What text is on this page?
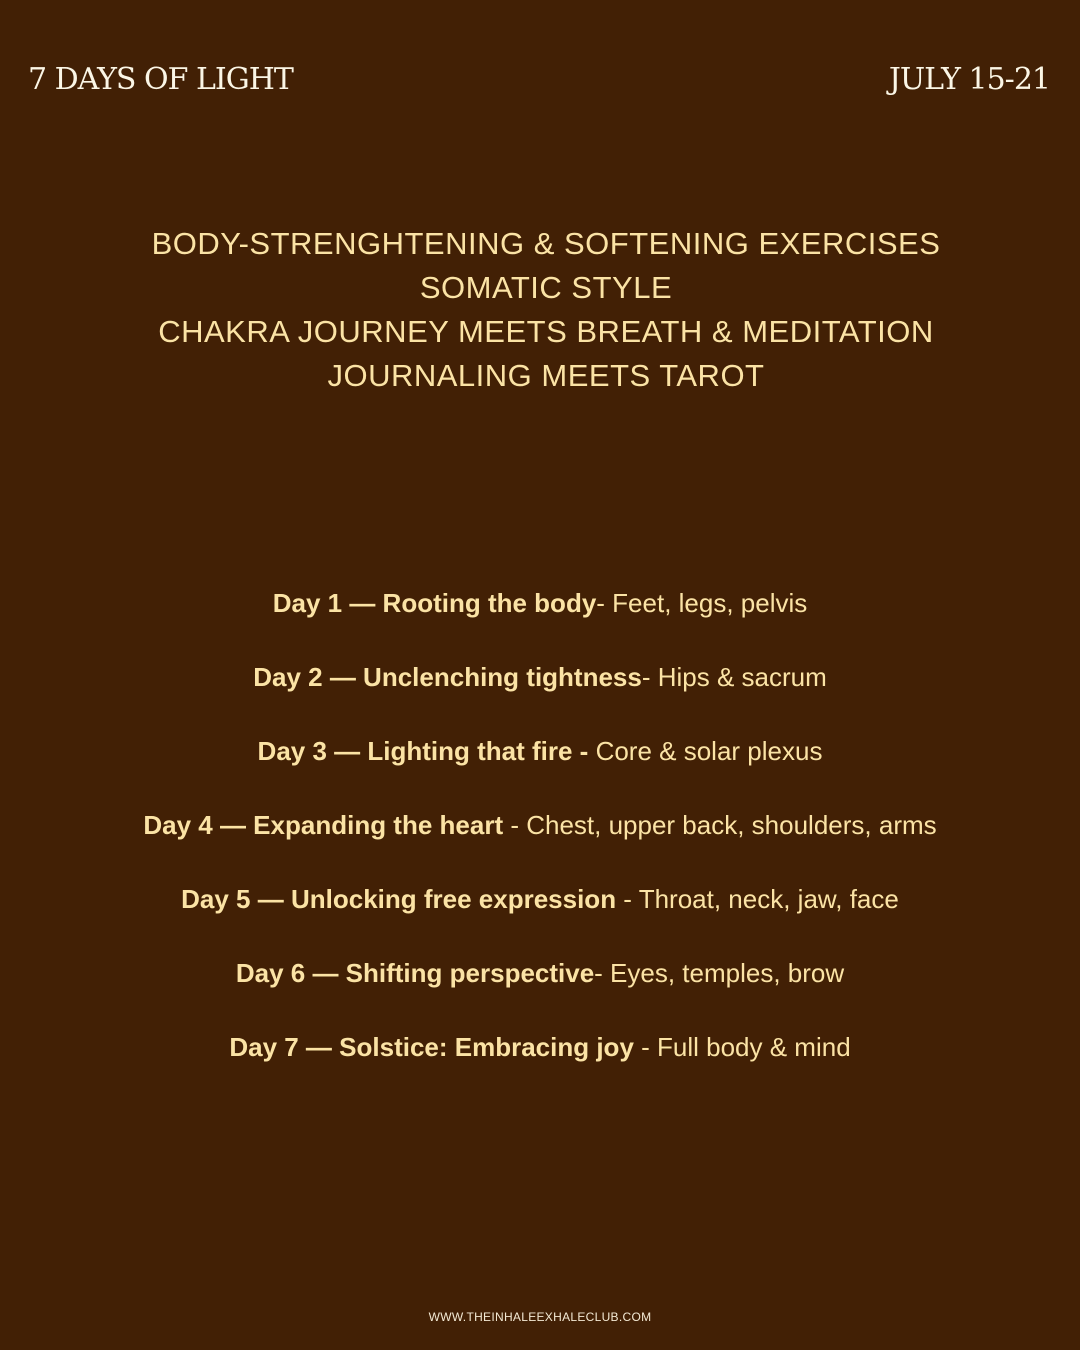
7 DAYS OF LIGHT	JULY 15-21
BODY-STRENGHTENING & SOFTENING EXERCISES
SOMATIC STYLE
CHAKRA JOURNEY MEETS BREATH & MEDITATION
JOURNALING MEETS TAROT
Day 1 — Rooting the body- Feet, legs, pelvis
Day 2 — Unclenching tightness- Hips & sacrum
Day 3 — Lighting that fire - Core & solar plexus
Day 4 — Expanding the heart - Chest, upper back, shoulders, arms
Day 5 — Unlocking free expression - Throat, neck, jaw, face
Day 6 — Shifting perspective- Eyes, temples, brow
Day 7 — Solstice: Embracing joy - Full body & mind
WWW.THEINHALEEXHALECLUB.COM
